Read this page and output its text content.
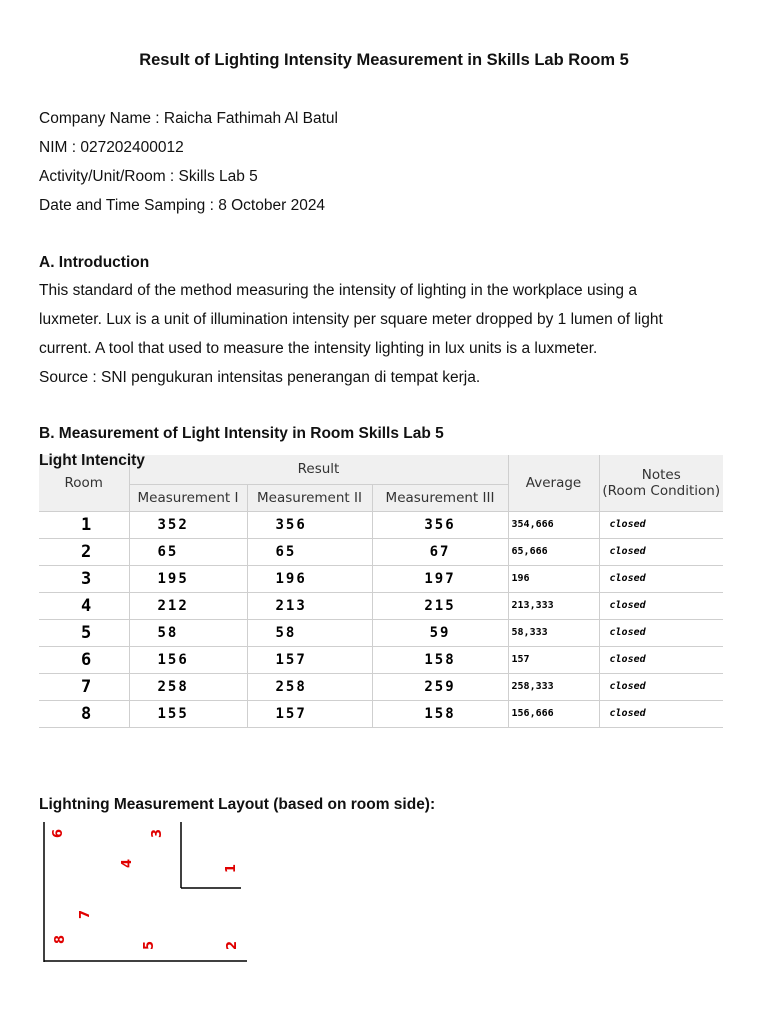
Result of Lighting Intensity Measurement in Skills Lab Room 5
Company Name : Raicha Fathimah Al Batul
NIM : 027202400012
Activity/Unit/Room : Skills Lab 5
Date and Time Samping : 8 October 2024
A. Introduction
This standard of the method measuring the intensity of lighting in the workplace using a
luxmeter. Lux is a unit of illumination intensity per square meter dropped by 1 lumen of light
current. A tool that used to measure the intensity lighting in lux units is a luxmeter.
Source : SNI pengukuran intensitas penerangan di tempat kerja.
B. Measurement of Light Intensity in Room Skills Lab 5
Light Intencity
Room	Result			Average	Notes
(Room Condition)

	Measurement I	Measurement II	Measurement III		
1	352	356	356	354,666	closed
2	65	65	67	65,666	closed
3	195	196	197	196	closed
4	212	213	215	213,333	closed
5	58	58	59	58,333	closed
6	156	157	158	157	closed
7	258	258	259	258,333	closed
8	155	157	158	156,666	closed
Lightning Measurement Layout (based on room side):
6	3
4
1
7
8
5	2
